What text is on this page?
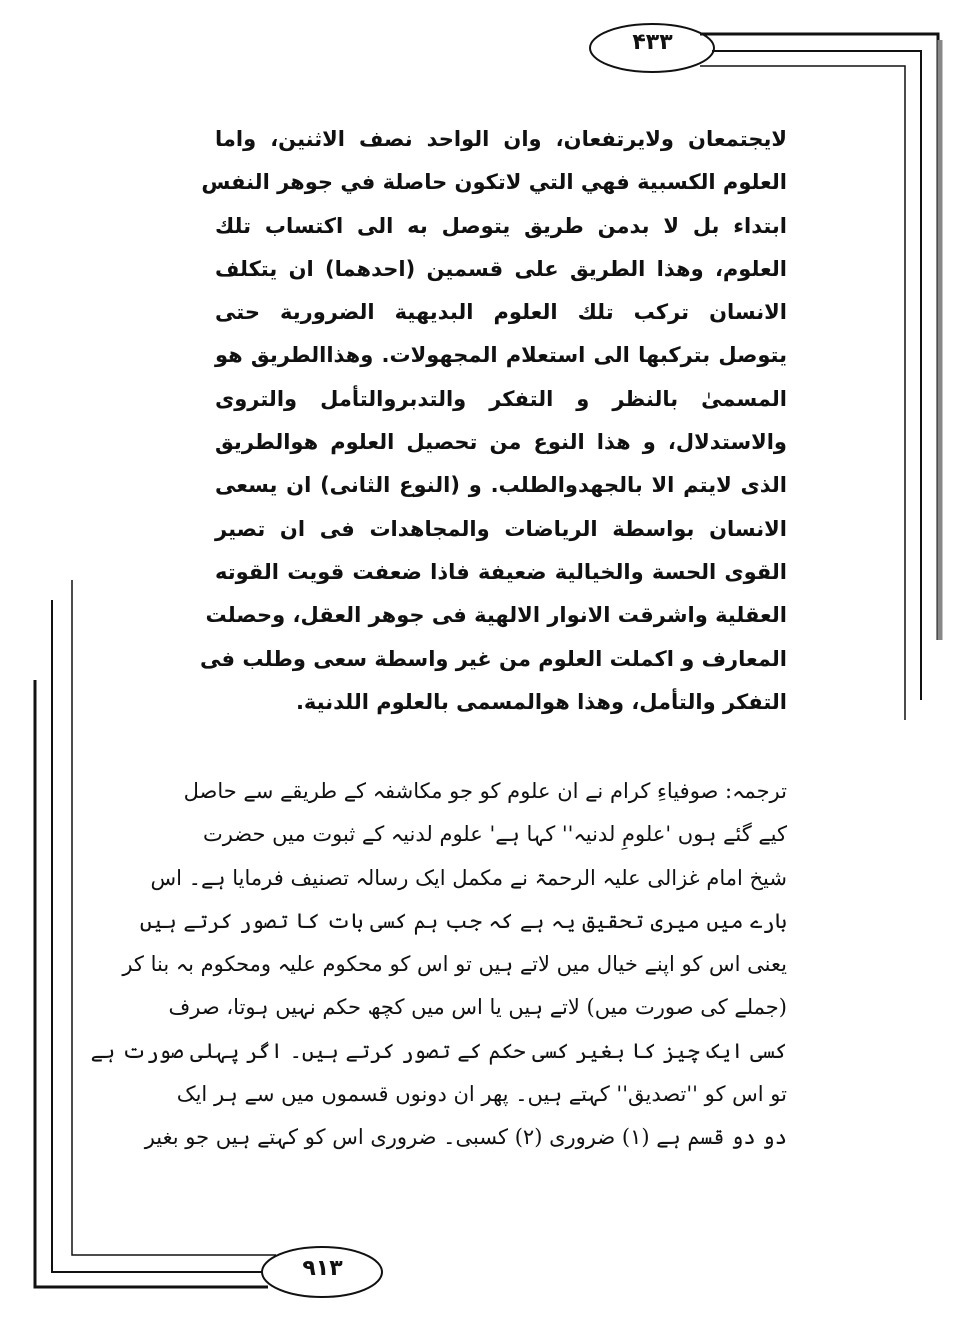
۴۳۳
۹۱۳
لايجتمعان ولايرتفعان، وان الواحد نصف الاثنين، واما
العلوم الكسبية فهي التي لاتكون حاصلة في جوهر النفس
ابتداء بل لا بدمن طريق يتوصل به الى اكتساب تلك
العلوم، وهذا الطريق على قسمين (احدهما) ان يتكلف
الانسان تركب تلك العلوم البديهية الضرورية حتى
يتوصل بتركبها الى استعلام المجهولات. وهذاالطريق هو
المسمىٰ بالنظر و التفكر والتدبروالتأمل والتروى
والاستدلال، و هذا النوع من تحصيل العلوم هوالطريق
الذى لايتم الا بالجهدوالطلب. و (النوع الثانى) ان يسعى
الانسان بواسطة الرياضات والمجاهدات فى ان تصير
القوى الحسة والخيالية ضعيفة فاذا ضعفت قويت القوته
العقلية واشرقت الانوار الالهية فى جوهر العقل، وحصلت
المعارف و اكملت العلوم من غير واسطة سعى وطلب فى
التفكر والتأمل، وهذا هوالمسمى بالعلوم اللدنية.
ترجمہ: صوفیاءِ کرام نے ان علوم کو جو مکاشفہ کے طریقے سے حاصل
کیے گئے ہوں 'علومِ لدنیہ'' کہا ہے' علوم لدنیہ کے ثبوت میں حضرت
شیخ امام غزالی علیہ الرحمۃ نے مکمل ایک رسالہ تصنیف فرمایا ہے۔ اس
بارے میں میری تحقیق یہ ہے کہ جب ہم کسی بات کا تصور کرتے ہیں
یعنی اس کو اپنے خیال میں لاتے ہیں تو اس کو محکوم علیہ ومحکوم بہ بنا کر
(جملے کی صورت میں) لاتے ہیں یا اس میں کچھ حکم نہیں ہوتا، صرف
کسی ایک چیز کا بغیر کسی حکم کے تصور کرتے ہیں۔ اگر پہلی صورت ہے
تو اس کو ''تصدیق'' کہتے ہیں۔ پھر ان دونوں قسموں میں سے ہر ایک
دو دو قسم ہے (۱) ضروری (۲) کسبی۔ ضروری اس کو کہتے ہیں جو بغیر
